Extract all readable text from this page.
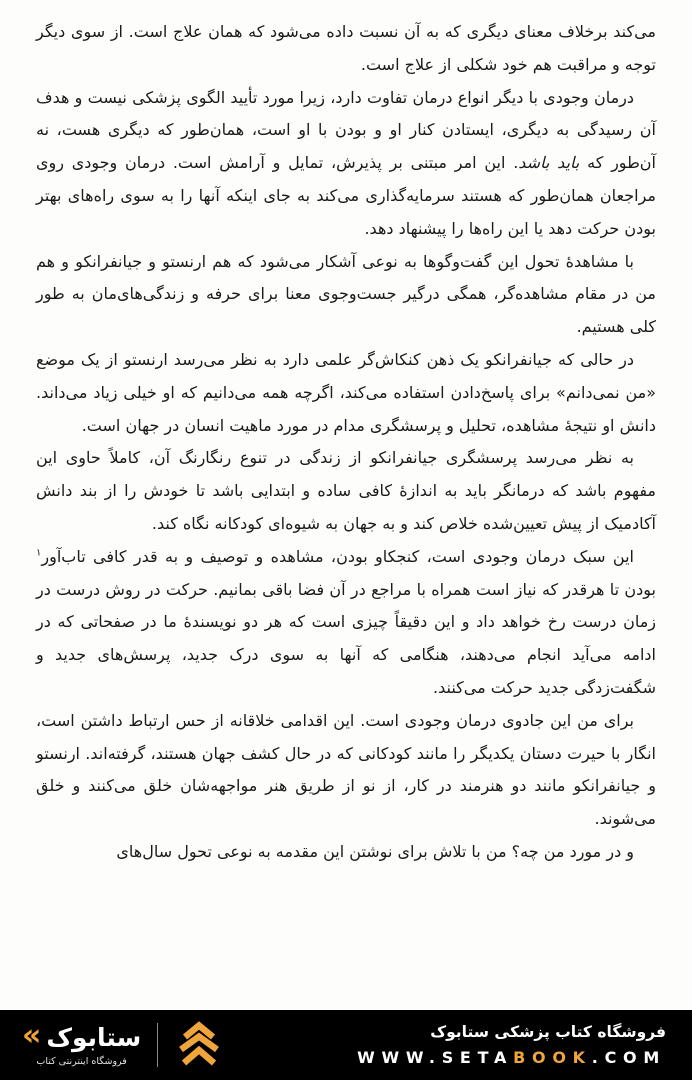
می‌کند برخلاف معنای دیگری که به آن نسبت داده می‌شود که همان علاج است. از سوی دیگر توجه و مراقبت هم خود شکلی از علاج است.

درمان وجودی با دیگر انواع درمان تفاوت دارد، زیرا مورد تأیید الگوی پزشکی نیست و هدف آن رسیدگی به دیگری، ایستادن کنار او و بودن با او است، همان‌طور که دیگری هست، نه آن‌طور که باید باشد. این امر مبتنی بر پذیرش، تمایل و آرامش است. درمان وجودی روی مراجعان همان‌طور که هستند سرمایه‌گذاری می‌کند به جای اینکه آنها را به سوی راه‌های بهتر بودن حرکت دهد یا این راه‌ها را پیشنهاد دهد.

با مشاهدۀ تحول این گفت‌وگوها به نوعی آشکار می‌شود که هم ارنستو و جیانفرانکو و هم من در مقام مشاهده‌گر، همگی درگیر جست‌وجوی معنا برای حرفه و زندگی‌های‌مان به طور کلی هستیم.

در حالی که جیانفرانکو یک ذهن کنکاش‌گر علمی دارد به نظر می‌رسد ارنستو از یک موضع «من نمی‌دانم» برای پاسخ‌دادن استفاده می‌کند، اگرچه همه می‌دانیم که او خیلی زیاد می‌داند. دانش او نتیجۀ مشاهده، تحلیل و پرسشگری مدام در مورد ماهیت انسان در جهان است.

به نظر می‌رسد پرسشگری جیانفرانکو از زندگی در تنوع رنگارنگ آن، کاملاً حاوی این مفهوم باشد که درمانگر باید به اندازۀ کافی ساده و ابتدایی باشد تا خودش را از بند دانش آکادمیک از پیش تعیین‌شده خلاص کند و به جهان به شیوه‌ای کودکانه نگاه کند.

این سبک درمان وجودی است، کنجکاو بودن، مشاهده و توصیف و به قدر کافی تاب‌آور$^۱$ بودن تا هرقدر که نیاز است همراه با مراجع در آن فضا باقی بمانیم. حرکت در روش درست در زمان درست رخ خواهد داد و این دقیقاً چیزی است که هر دو نویسندۀ ما در صفحاتی که در ادامه می‌آید انجام می‌دهند، هنگامی که آنها به سوی درک جدید، پرسش‌های جدید و شگفت‌زدگی جدید حرکت می‌کنند.

برای من این جادوی درمان وجودی است. این اقدامی خلاقانه از حس ارتباط داشتن است، انگار با حیرت دستان یکدیگر را مانند کودکانی که در حال کشف جهان هستند، گرفته‌اند. ارنستو و جیانفرانکو مانند دو هنرمند در کار، از نو از طریق هنر مواجهه‌شان خلق می‌کنند و خلق می‌شوند.

و در مورد من چه؟ من با تلاش برای نوشتن این مقدمه به نوعی تحول سال‌های

« ستابوک
فروشگاه اینترنتی کتاب
فروشگاه کتاب پزشکی ستابوک
WWW.SETABOOK.COM
